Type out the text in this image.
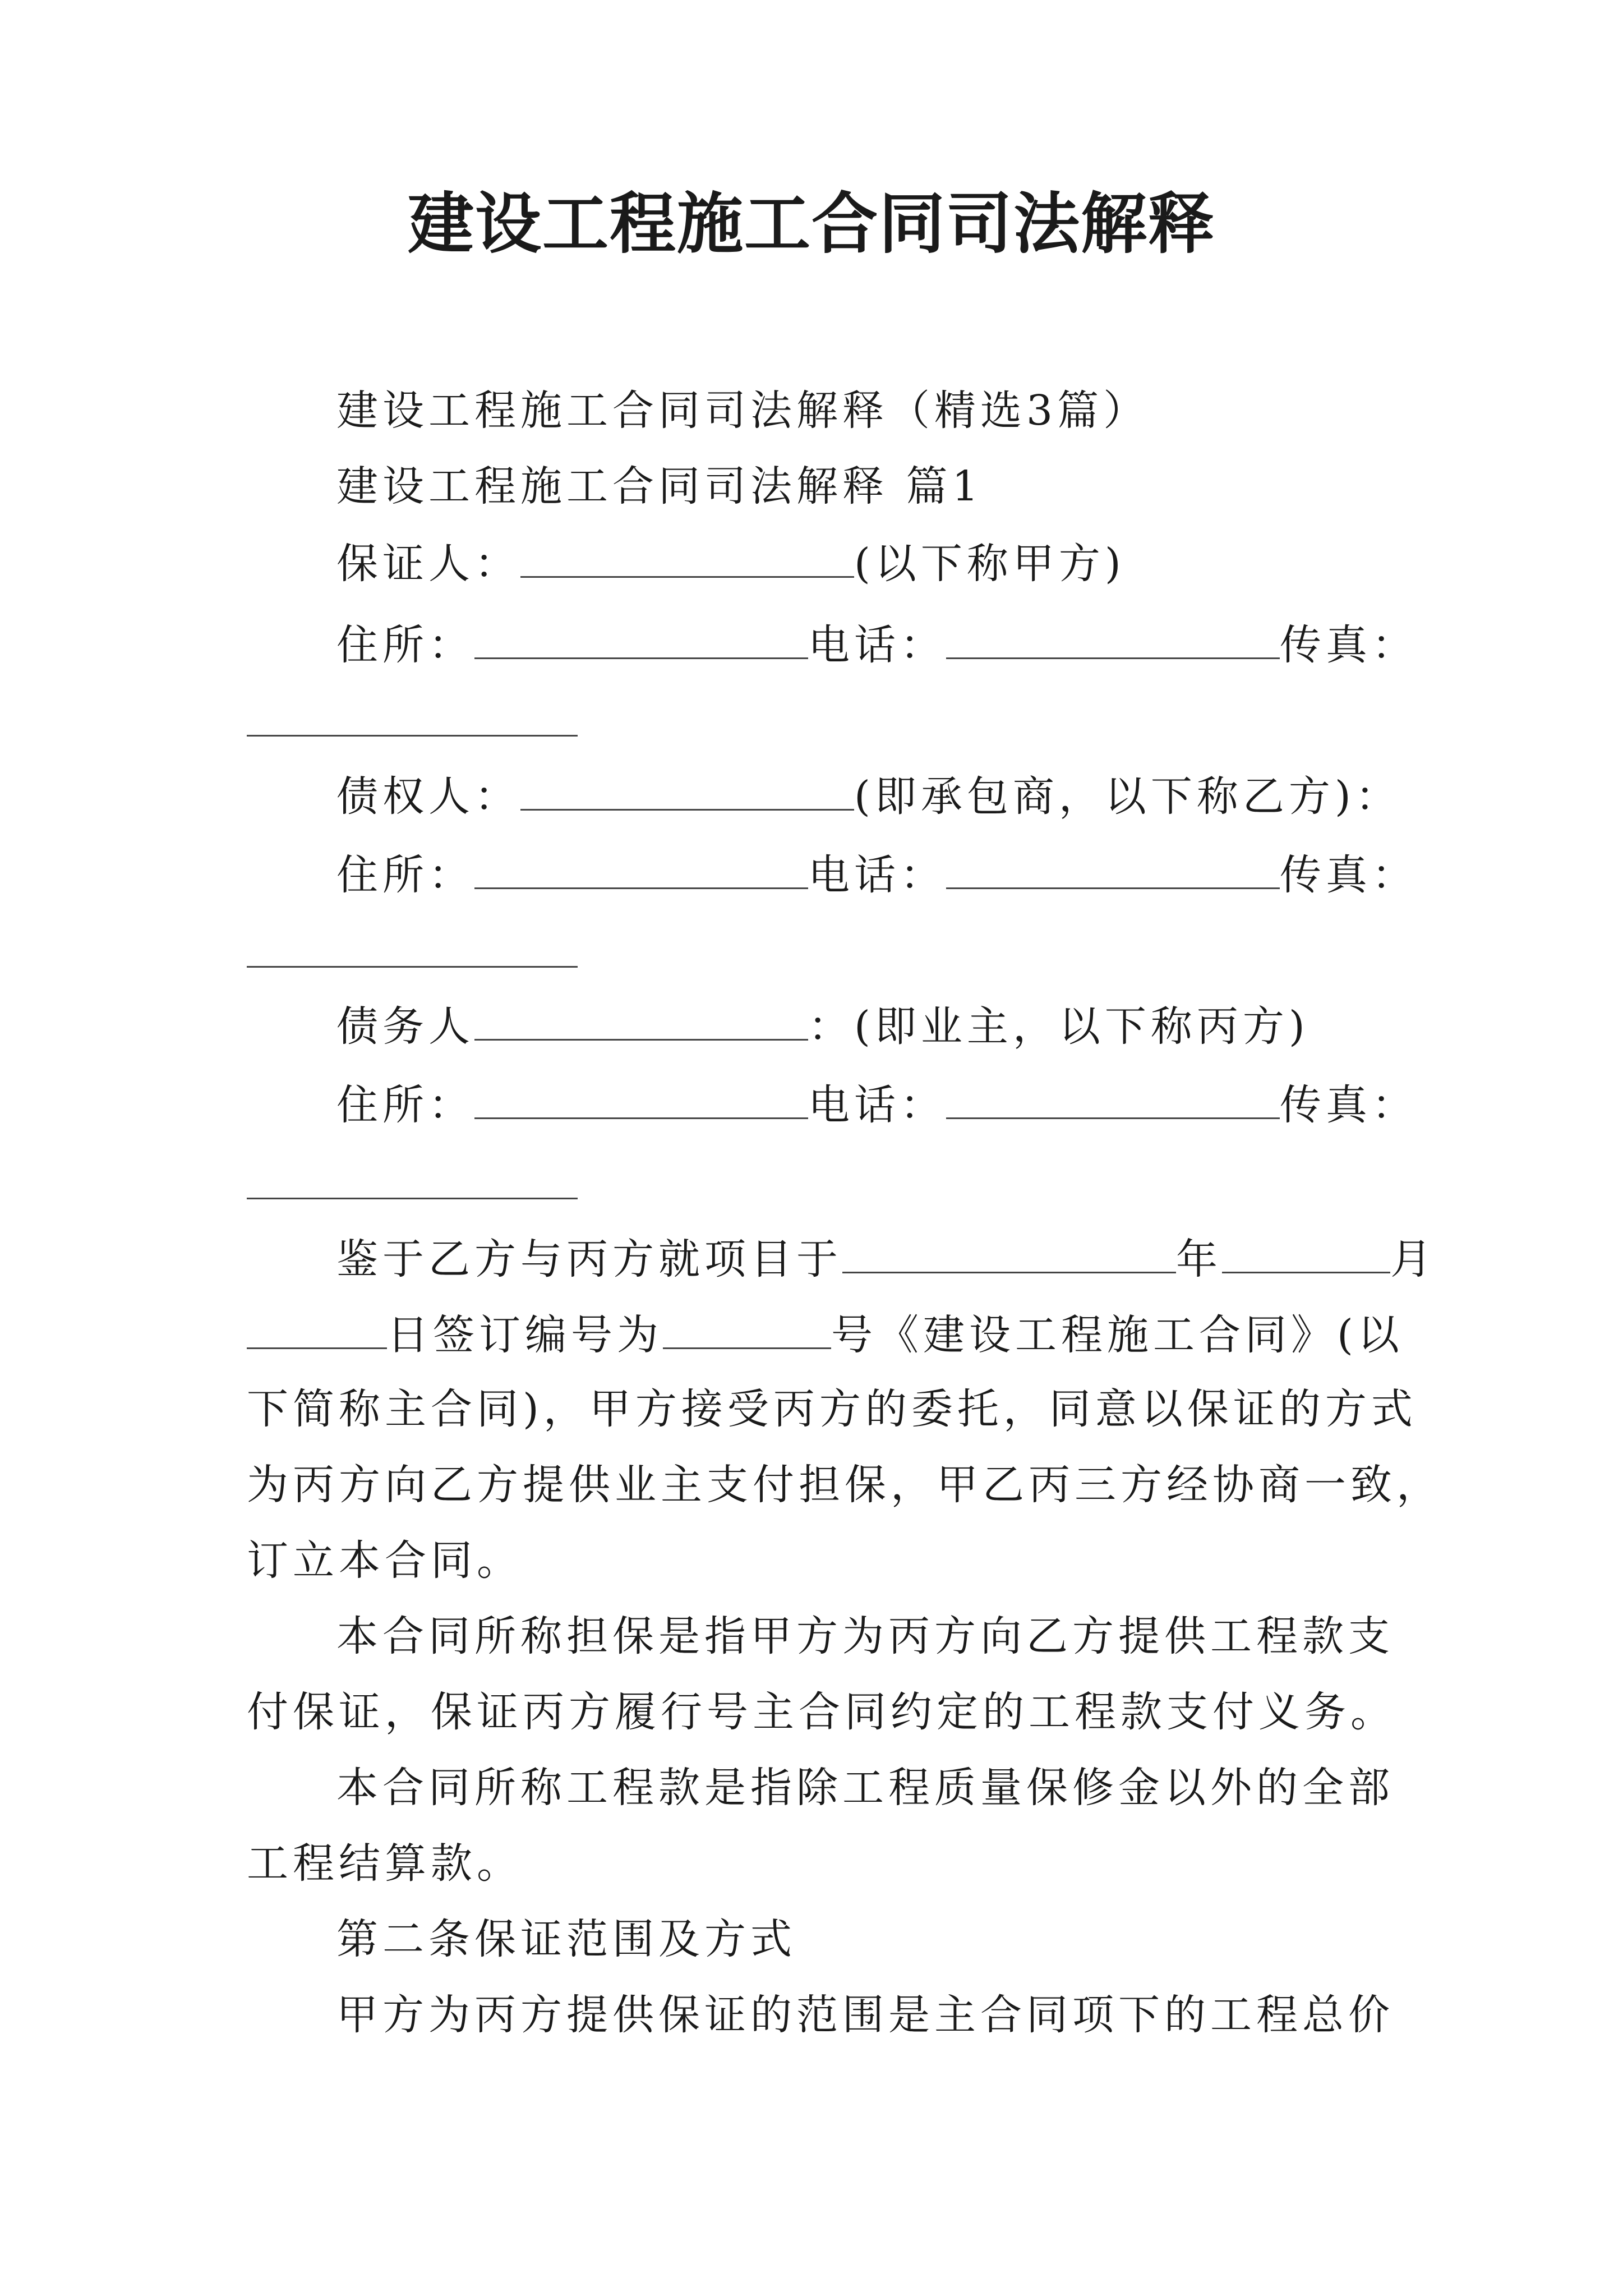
建设工程施工合同司法解释
建设工程施工合同司法解释（精选3篇）
建设工程施工合同司法解释 篇1
保证人：	(以下称甲方)
住所：	电话：	传真：
债权人：	(即承包商，以下称乙方)：
住所：	电话：	传真：
债务人	：(即业主，以下称丙方)
住所：	电话：	传真：
鉴于乙方与丙方就项目于	年	月
日签订编号为	号《建设工程施工合同》(以
下简称主合同)，甲方接受丙方的委托，同意以保证的方式
为丙方向乙方提供业主支付担保，甲乙丙三方经协商一致，
订立本合同。
本合同所称担保是指甲方为丙方向乙方提供工程款支
付保证，保证丙方履行号主合同约定的工程款支付义务。
本合同所称工程款是指除工程质量保修金以外的全部
工程结算款。
第二条保证范围及方式
甲方为丙方提供保证的范围是主合同项下的工程总价
